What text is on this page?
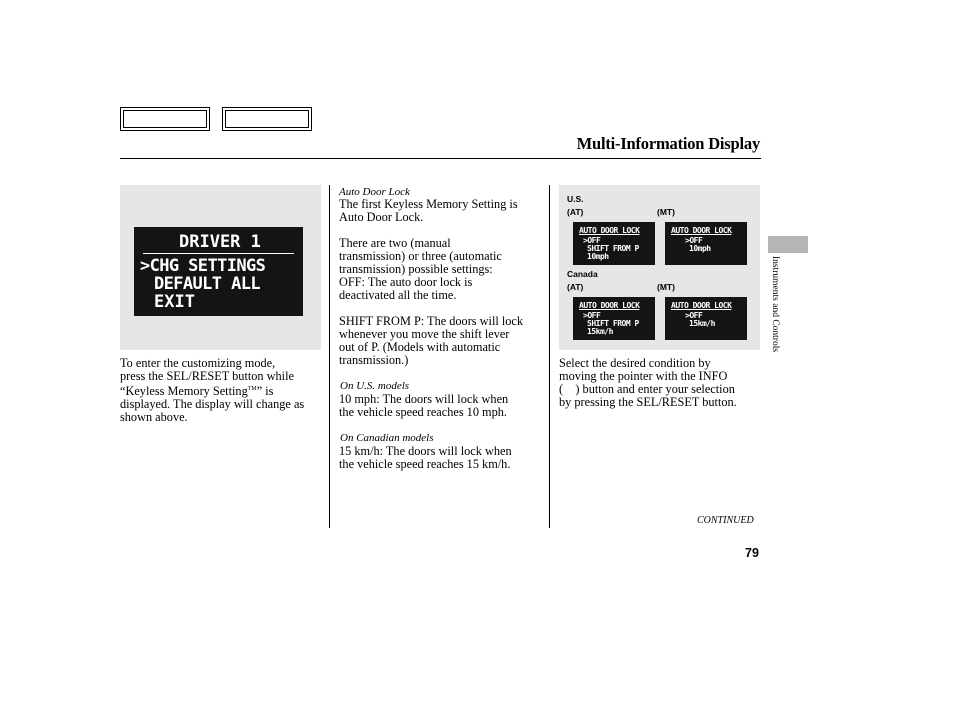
Multi-Information Display
DRIVER 1
>CHG SETTINGS
DEFAULT ALL
EXIT

To enter the customizing mode,

press the SEL/RESET button while

“Keyless Memory Setting™” is

displayed. The display will change as

shown above.

Auto Door Lock

The first Keyless Memory Setting is

Auto Door Lock.

There are two (manual

transmission) or three (automatic

transmission) possible settings:

OFF: The auto door lock is

deactivated all the time.

SHIFT FROM P: The doors will lock

whenever you move the shift lever

out of P. (Models with automatic

transmission.)

On U.S. models

10 mph: The doors will lock when

the vehicle speed reaches 10 mph.

On Canadian models

15 km/h: The doors will lock when

the vehicle speed reaches 15 km/h.

U.S.
(AT)	(MT)
AUTO DOOR LOCK
>OFF
SHIFT FROM P
10mph
AUTO DOOR LOCK
>OFF
10mph
Canada
(AT)	(MT)
AUTO DOOR LOCK
>OFF
SHIFT FROM P
15km/h
AUTO DOOR LOCK
>OFF
15km/h

Select the desired condition by

moving the pointer with the INFO

(    ) button and enter your selection

by pressing the SEL/RESET button.

Instruments and Controls
CONTINUED
79
